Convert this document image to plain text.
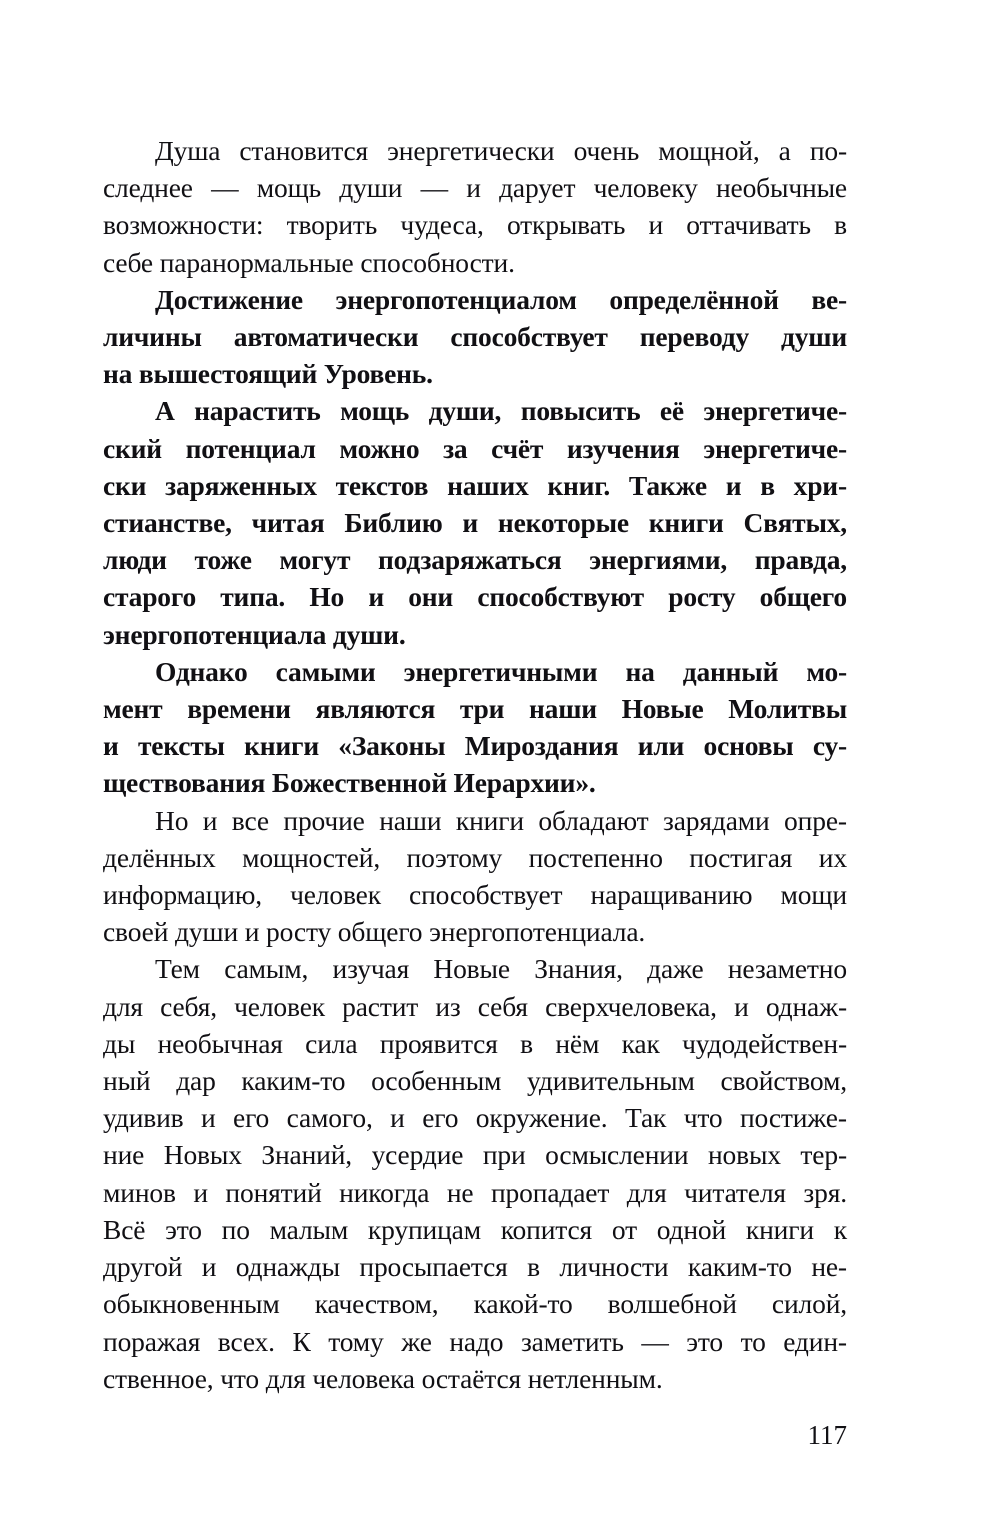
Душа становится энергетически очень мощной, а по-
следнее — мощь души — и дарует человеку необычные
возможности: творить чудеса, открывать и оттачивать в
себе паранормальные способности.

Достижение энергопотенциалом определённой ве-
личины автоматически способствует переводу души
на вышестоящий Уровень.

А нарастить мощь души, повысить её энергетиче-
ский потенциал можно за счёт изучения энергетиче-
ски заряженных текстов наших книг. Также и в хри-
стианстве, читая Библию и некоторые книги Святых,
люди тоже могут подзаряжаться энергиями, правда,
старого типа. Но и они способствуют росту общего
энергопотенциала души.

Однако самыми энергетичными на данный мо-
мент времени являются три наши Новые Молитвы
и тексты книги «Законы Мироздания или основы су-
ществования Божественной Иерархии».

Но и все прочие наши книги обладают зарядами опре-
делённых мощностей, поэтому постепенно постигая их
информацию, человек способствует наращиванию мощи
своей души и росту общего энергопотенциала.

Тем самым, изучая Новые Знания, даже незаметно
для себя, человек растит из себя сверхчеловека, и однаж-
ды необычная сила проявится в нём как чудодействен-
ный дар каким-то особенным удивительным свойством,
удивив и его самого, и его окружение. Так что постиже-
ние Новых Знаний, усердие при осмыслении новых тер-
минов и понятий никогда не пропадает для читателя зря.
Всё это по малым крупицам копится от одной книги к
другой и однажды просыпается в личности каким-то не-
обыкновенным качеством, какой-то волшебной силой,
поражая всех. К тому же надо заметить — это то един-
ственное, что для человека остаётся нетленным.

117
